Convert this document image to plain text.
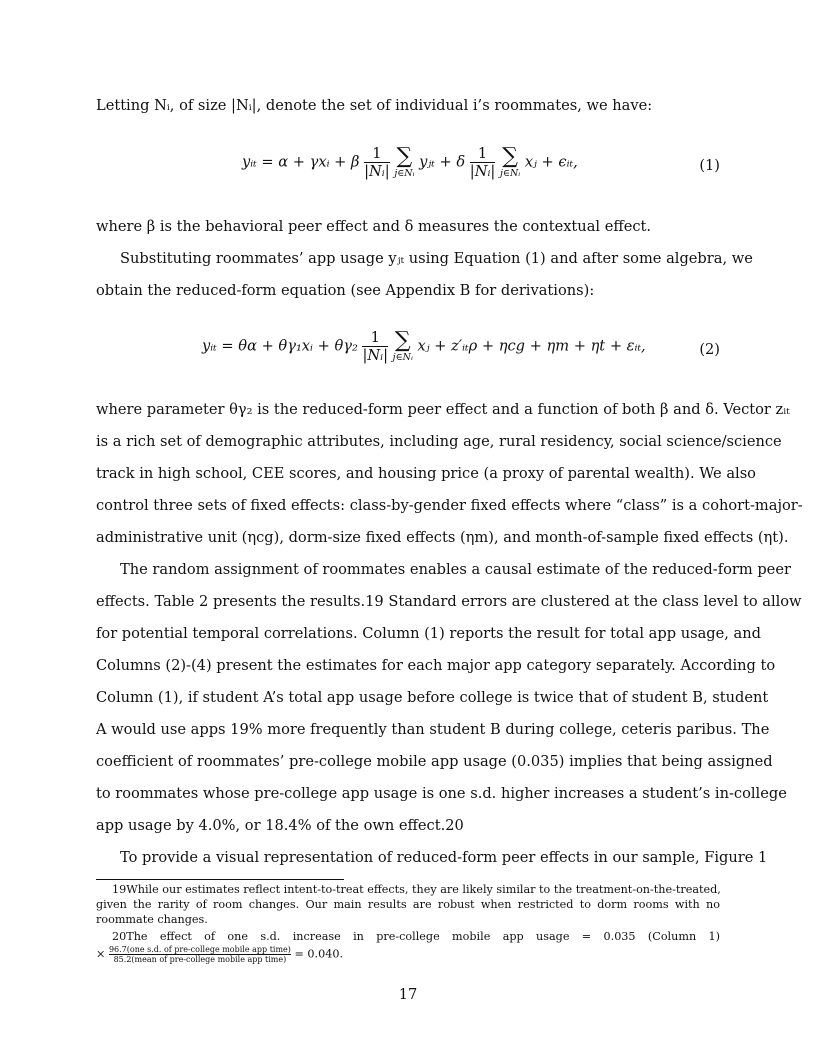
Letting Nᵢ, of size |Nᵢ|, denote the set of individual i’s roommates, we have:
yᵢₜ = α + γxᵢ + β $\frac{1}{\text{|Nᵢ|}}$
∑
j∈Nᵢ
yⱼₜ + δ $\frac{1}{\text{|Nᵢ|}}$
∑
j∈Nᵢ
xⱼ + ϵᵢₜ,	(1)
where β is the behavioral peer effect and δ measures the contextual effect.
Substituting roommates’ app usage yⱼₜ using Equation (1) and after some algebra, we
obtain the reduced-form equation (see Appendix B for derivations):
yᵢₜ = θα + θγ₁xᵢ + $\theta\gamma_2 \frac{1}{\text{|Nᵢ|}}$
∑
j∈Nᵢ
xⱼ + z′ᵢₜρ + ηcg + ηm + ηt + εᵢₜ,	(2)
where parameter θγ₂ is the reduced-form peer effect and a function of both β and δ. Vector zᵢₜ
is a rich set of demographic attributes, including age, rural residency, social science/science
track in high school, CEE scores, and housing price (a proxy of parental wealth). We also
control three sets of fixed effects: class-by-gender fixed effects where “class” is a cohort-major-
administrative unit (ηcg), dorm-size fixed effects (ηm), and month-of-sample fixed effects (ηt).
The random assignment of roommates enables a causal estimate of the reduced-form peer
effects. Table 2 presents the results.19 Standard errors are clustered at the class level to allow
for potential temporal correlations. Column (1) reports the result for total app usage, and
Columns (2)-(4) present the estimates for each major app category separately. According to
Column (1), if student A’s total app usage before college is twice that of student B, student
A would use apps 19% more frequently than student B during college, ceteris paribus. The
coefficient of roommates’ pre-college mobile app usage (0.035) implies that being assigned
to roommates whose pre-college app usage is one s.d. higher increases a student’s in-college
app usage by 4.0%, or 18.4% of the own effect.20
To provide a visual representation of reduced-form peer effects in our sample, Figure 1
19While our estimates reflect intent-to-treat effects, they are likely similar to the treatment-on-the-treated,
given the rarity of room changes. Our main results are robust when restricted to dorm rooms with no
roommate changes.
20The effect of one s.d. increase in pre-college mobile app usage = 0.035 (Column 1)
× 96.7(one s.d. of pre-college mobile app time)
85.2(mean of pre-college mobile app time) = 0.040.
17
